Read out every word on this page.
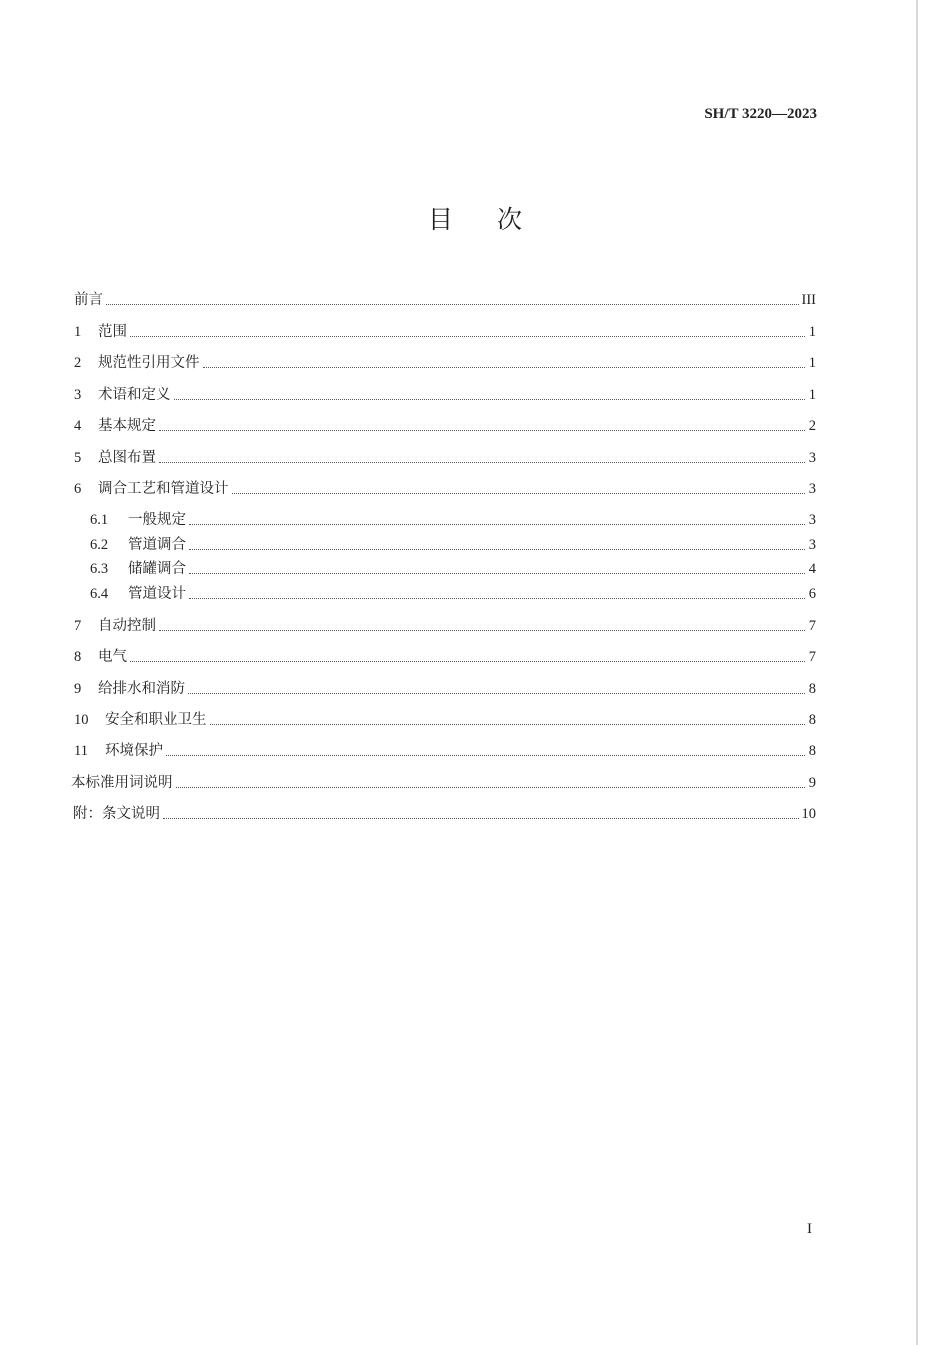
SH/T 3220—2023
目次
前言	III
1	范围	1
2	规范性引用文件	1
3	术语和定义	1
4	基本规定	2
5	总图布置	3
6	调合工艺和管道设计	3
6.1	一般规定	3
6.2	管道调合	3
6.3	储罐调合	4
6.4	管道设计	6
7	自动控制	7
8	电气	7
9	给排水和消防	8
10	安全和职业卫生	8
11	环境保护	8
本标准用词说明	9
附：条文说明	10
I
